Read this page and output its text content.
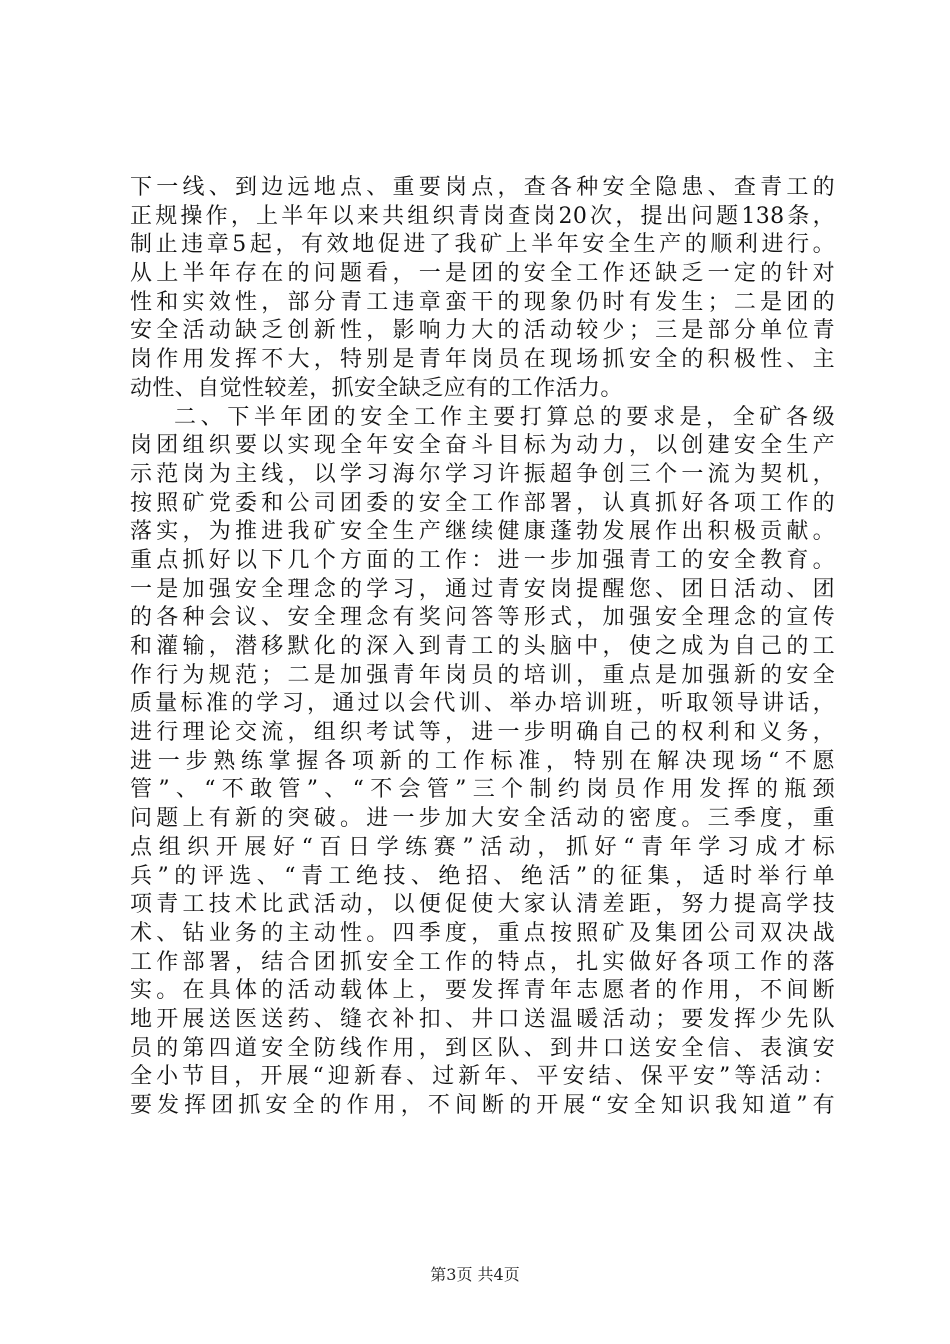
下一线、到边远地点、重要岗点，查各种安全隐患、查青工的
正规操作，上半年以来共组织青岗查岗20次，提出问题138条，
制止违章5起，有效地促进了我矿上半年安全生产的顺利进行。
从上半年存在的问题看，一是团的安全工作还缺乏一定的针对
性和实效性，部分青工违章蛮干的现象仍时有发生；二是团的
安全活动缺乏创新性，影响力大的活动较少；三是部分单位青
岗作用发挥不大，特别是青年岗员在现场抓安全的积极性、主
动性、自觉性较差，抓安全缺乏应有的工作活力。
二、下半年团的安全工作主要打算总的要求是，全矿各级
岗团组织要以实现全年安全奋斗目标为动力，以创建安全生产
示范岗为主线，以学习海尔学习许振超争创三个一流为契机，
按照矿党委和公司团委的安全工作部署，认真抓好各项工作的
落实，为推进我矿安全生产继续健康蓬勃发展作出积极贡献。
重点抓好以下几个方面的工作：进一步加强青工的安全教育。
一是加强安全理念的学习，通过青安岗提醒您、团日活动、团
的各种会议、安全理念有奖问答等形式，加强安全理念的宣传
和灌输，潜移默化的深入到青工的头脑中，使之成为自己的工
作行为规范；二是加强青年岗员的培训，重点是加强新的安全
质量标准的学习，通过以会代训、举办培训班，听取领导讲话，
进行理论交流，组织考试等，进一步明确自己的权利和义务，
进一步熟练掌握各项新的工作标准，特别在解决现场“不愿
管”、“不敢管”、“不会管”三个制约岗员作用发挥的瓶颈
问题上有新的突破。进一步加大安全活动的密度。三季度，重
点组织开展好“百日学练赛”活动，抓好“青年学习成才标
兵”的评选、“青工绝技、绝招、绝活”的征集，适时举行单
项青工技术比武活动，以便促使大家认清差距，努力提高学技
术、钻业务的主动性。四季度，重点按照矿及集团公司双决战
工作部署，结合团抓安全工作的特点，扎实做好各项工作的落
实。在具体的活动载体上，要发挥青年志愿者的作用，不间断
地开展送医送药、缝衣补扣、井口送温暖活动；要发挥少先队
员的第四道安全防线作用，到区队、到井口送安全信、表演安
全小节目，开展“迎新春、过新年、平安结、保平安”等活动：
要发挥团抓安全的作用，不间断的开展“安全知识我知道”有
第3页 共4页
